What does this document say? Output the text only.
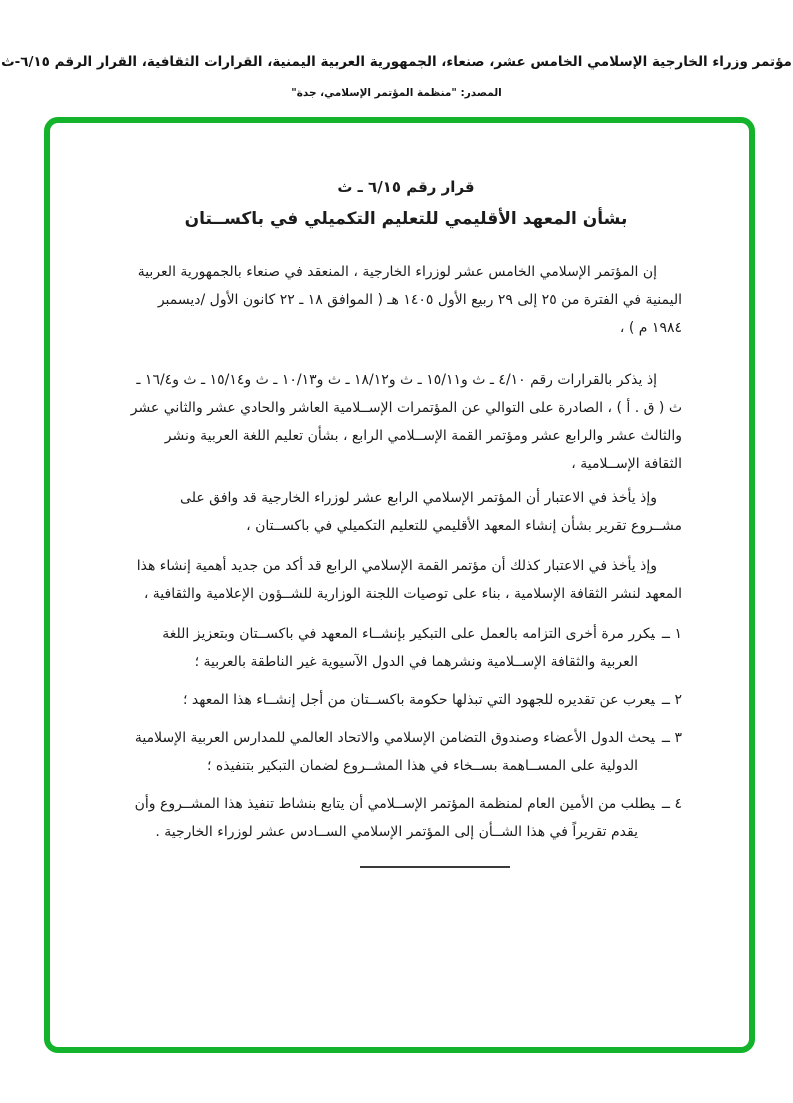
مؤتمر وزراء الخارجية الإسلامي الخامس عشر، صنعاء، الجمهورية العربية اليمنية، القرارات الثقافية، القرار الرقم ٦/١٥-ث
المصدر: "منظمة المؤتمر الإسلامي، جدة"
قرار رقم ٦/١٥ ـ ث
بشأن المعهد الأقليمي للتعليم التكميلي في باكســتان

إن المؤتمر الإسلامي الخامس عشر لوزراء الخارجية ، المنعقد في صنعاء بالجمهورية العربية اليمنية في الفترة من ٢٥ إلى ٢٩ ربيع الأول ١٤٠٥ هـ ( الموافق ١٨ ـ ٢٢ كانون الأول /ديسمبر ١٩٨٤ م ) ،

إذ يذكر بالقرارات رقم ٤/١٠ ـ ث و١٥/١١ ـ ث و١٨/١٢ ـ ث و١٠/١٣ ـ ث و١٥/١٤ ـ ث و١٦/٤ ـ ث ( ق . أ ) ، الصادرة على التوالي عن المؤتمرات الإســلامية العاشر والحادي عشر والثاني عشر والثالث عشر والرابع عشر ومؤتمر القمة الإســلامي الرابع ، بشأن تعليم اللغة العربية ونشر الثقافة الإســلامية ،

وإذ يأخذ في الاعتبار أن المؤتمر الإسلامي الرابع عشر لوزراء الخارجية قد وافق على مشــروع تقرير بشأن إنشاء المعهد الأقليمي للتعليم التكميلي في باكســتان ،

وإذ يأخذ في الاعتبار كذلك أن مؤتمر القمة الإسلامي الرابع قد أكد من جديد أهمية إنشاء هذا المعهد لنشر الثقافة الإسلامية ، بناء على توصيات اللجنة الوزارية للشــؤون الإعلامية والثقافية ،

١ ــيكرر مرة أخرى التزامه بالعمل على التبكير بإنشــاء المعهد في باكســتان وبتعزيز اللغة العربية والثقافة الإســلامية ونشرهما في الدول الآسيوية غير الناطقة بالعربية ؛
٢ ــيعرب عن تقديره للجهود التي تبذلها حكومة باكســتان من أجل إنشــاء هذا المعهد ؛
٣ ــيحث الدول الأعضاء وصندوق التضامن الإسلامي والاتحاد العالمي للمدارس العربية الإسلامية الدولية على المســاهمة بســخاء في هذا المشــروع لضمان التبكير بتنفيذه ؛
٤ ــيطلب من الأمين العام لمنظمة المؤتمر الإســلامي أن يتابع بنشاط تنفيذ هذا المشــروع وأن يقدم تقريراً في هذا الشــأن إلى المؤتمر الإسلامي الســادس عشر لوزراء الخارجية .
